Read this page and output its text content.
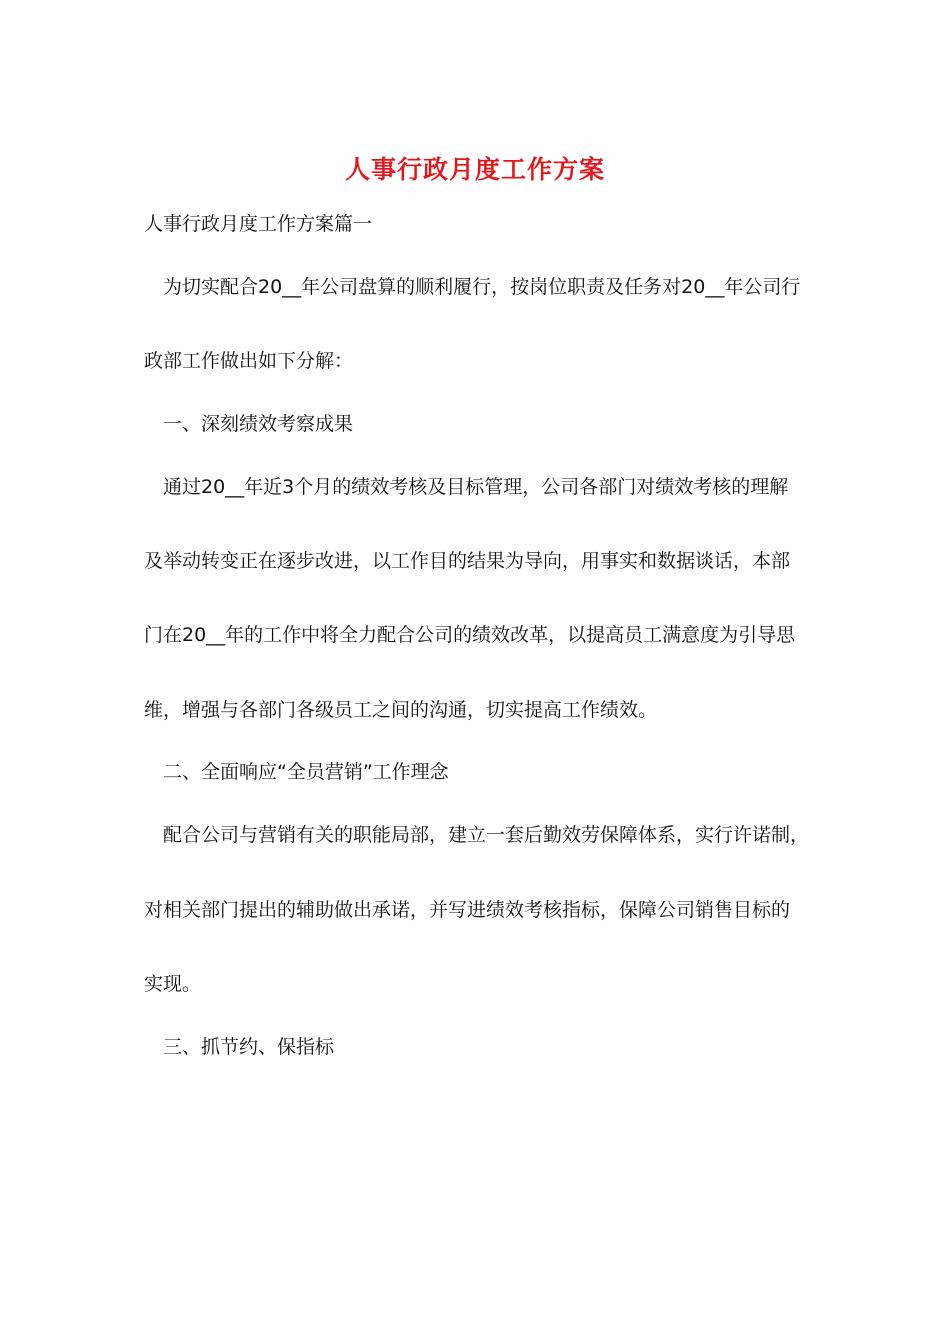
人事行政月度工作方案
人事行政月度工作方案篇一
为切实配合20__年公司盘算的顺利履行，按岗位职责及任务对20__年公司行
政部工作做出如下分解：
一、深刻绩效考察成果
通过20__年近3个月的绩效考核及目标管理，公司各部门对绩效考核的理解
及举动转变正在逐步改进，以工作目的结果为导向，用事实和数据谈话，本部
门在20__年的工作中将全力配合公司的绩效改革，以提高员工满意度为引导思
维，增强与各部门各级员工之间的沟通，切实提高工作绩效。
二、全面响应“全员营销”工作理念
配合公司与营销有关的职能局部，建立一套后勤效劳保障体系，实行许诺制，
对相关部门提出的辅助做出承诺，并写进绩效考核指标，保障公司销售目标的
实现。
三、抓节约、保指标
